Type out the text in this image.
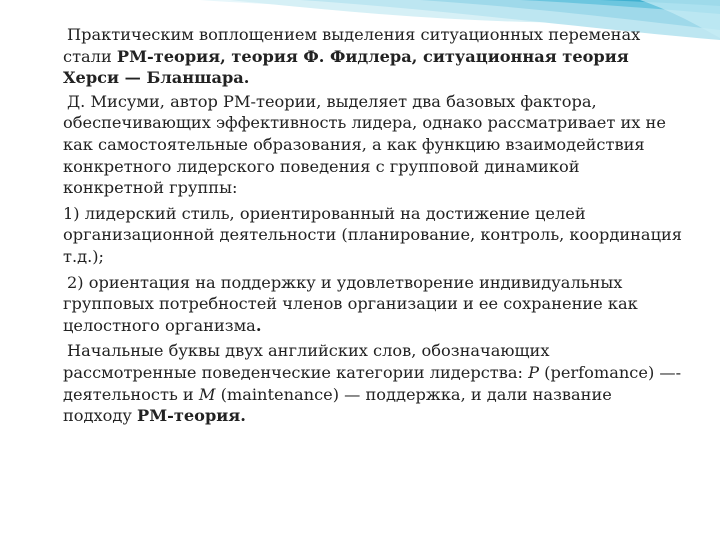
Практическим воплощением выделения ситуационных переменах стали PM-теория, теория Ф. Фидлера, ситуационная теория Херси — Бланшара.

Д. Мисуми, автор PM-теории, выделяет два базовых фактора, обеспечивающих эффективность лидера, однако рассматривает их не как самостоятельные образования, а как функцию взаимодействия конкретного лидерского поведения с групповой динамикой конкретной группы:

1) лидерский стиль, ориентированный на достижение целей организационной деятельности (планирование, контроль, координация т.д.);

2) ориентация на поддержку и удовлетворение индивидуальных групповых потребностей членов организации и ее сохранение как целостного организма.

Начальные буквы двух английских слов, обозначающих рассмотренные поведенческие категории лидерства: P (perfomance) —- деятельность и M (maintenance) — поддержка, и дали название подходу PM-теория.
